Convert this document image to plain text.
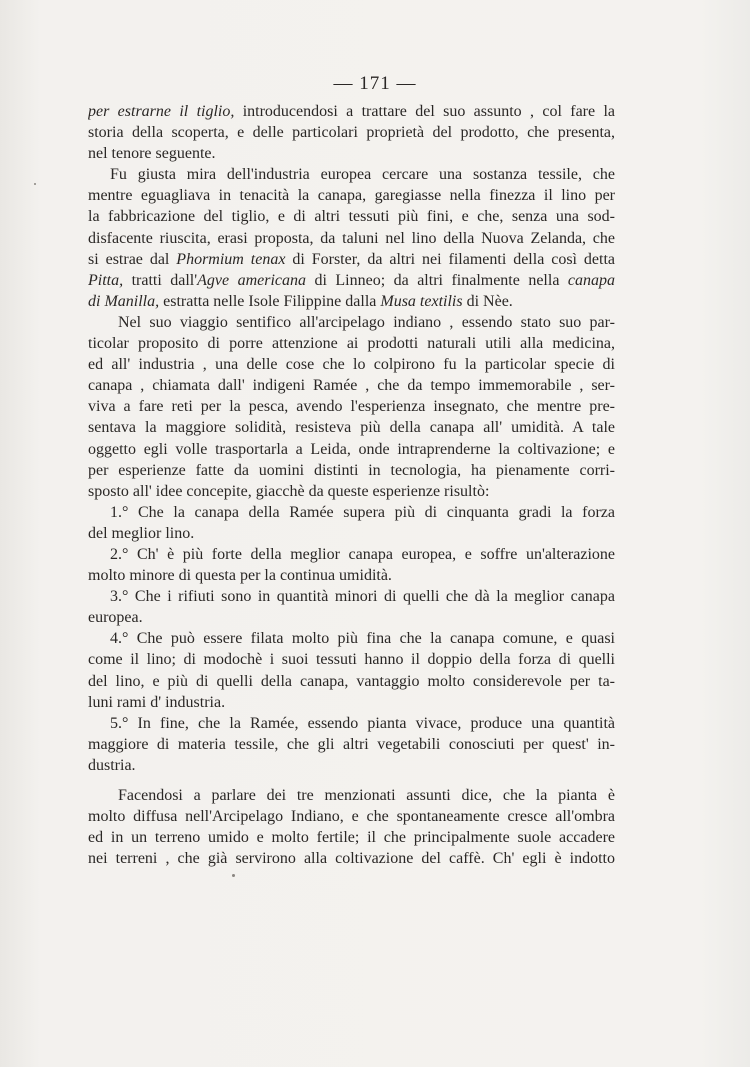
— 171 —
per estrarne il tiglio, introducendosi a trattare del suo assunto , col fare la
storia della scoperta, e delle particolari proprietà del prodotto, che presenta,
nel tenore seguente.
Fu giusta mira dell'industria europea cercare una sostanza tessile, che
mentre eguagliava in tenacità la canapa, garegiasse nella finezza il lino per
la fabbricazione del tiglio, e di altri tessuti più fini, e che, senza una sod-
disfacente riuscita, erasi proposta, da taluni nel lino della Nuova Zelanda, che
si estrae dal Phormium tenax di Forster, da altri nei filamenti della così detta
Pitta, tratti dall'Agve americana di Linneo; da altri finalmente nella canapa
di Manilla, estratta nelle Isole Filippine dalla Musa textilis di Nèe.
Nel suo viaggio sentifico all'arcipelago indiano , essendo stato suo par-
ticolar proposito di porre attenzione ai prodotti naturali utili alla medicina,
ed all' industria , una delle cose che lo colpirono fu la particolar specie di
canapa , chiamata dall' indigeni Ramée , che da tempo immemorabile , ser-
viva a fare reti per la pesca, avendo l'esperienza insegnato, che mentre pre-
sentava la maggiore solidità, resisteva più della canapa all' umidità. A tale
oggetto egli volle trasportarla a Leida, onde intraprenderne la coltivazione; e
per esperienze fatte da uomini distinti in tecnologia, ha pienamente corri-
sposto all' idee concepite, giacchè da queste esperienze risultò:
1.° Che la canapa della Ramée supera più di cinquanta gradi la forza
del meglior lino.
2.° Ch' è più forte della meglior canapa europea, e soffre un'alterazione
molto minore di questa per la continua umidità.
3.° Che i rifiuti sono in quantità minori di quelli che dà la meglior canapa
europea.
4.° Che può essere filata molto più fina che la canapa comune, e quasi
come il lino; di modochè i suoi tessuti hanno il doppio della forza di quelli
del lino, e più di quelli della canapa, vantaggio molto considerevole per ta-
luni rami d' industria.
5.° In fine, che la Ramée, essendo pianta vivace, produce una quantità
maggiore di materia tessile, che gli altri vegetabili conosciuti per quest' in-
dustria.
Facendosi a parlare dei tre menzionati assunti dice, che la pianta è
molto diffusa nell'Arcipelago Indiano, e che spontaneamente cresce all'ombra
ed in un terreno umido e molto fertile; il che principalmente suole accadere
nei terreni , che già servirono alla coltivazione del caffè. Ch' egli è indotto
